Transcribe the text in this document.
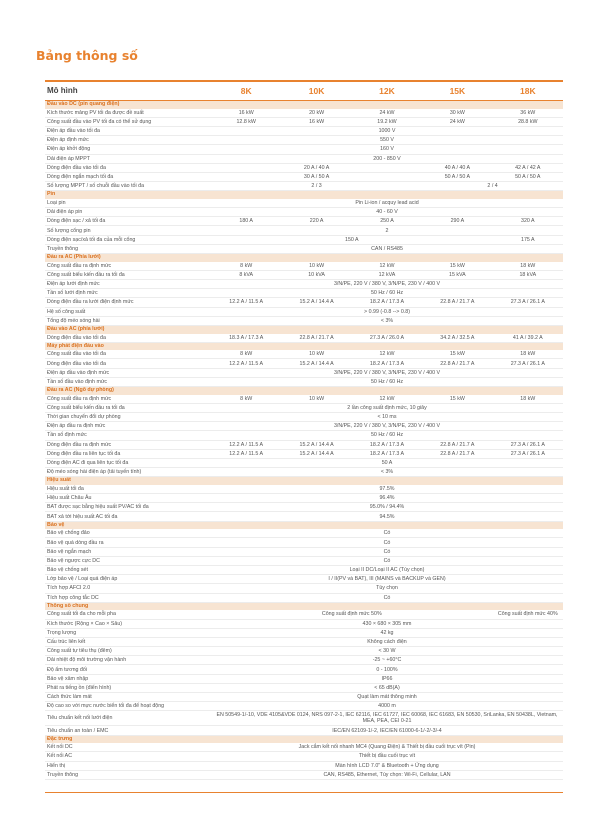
Bảng thông số
Mô hình	8K	10K	12K	15K	18K
Đầu vào DC (pin quang điện)					
Kích thước mảng PV tối đa được đề xuất	16 kW	20 kW	24 kW	30 kW	36 kW
Công suất đầu vào PV tối đa có thể sử dụng	12.8 kW	16 kW	19.2 kW	24 kW	28.8 kW
Điện áp đầu vào tối đa	1000 V				
Điện áp định mức	550 V				
Điện áp khởi động	160 V				
Dải điện áp MPPT	200 - 850 V				
Dòng điện đầu vào tối đa		20 A / 40 A		40 A / 40 A	42 A / 42 A
Dòng điện ngắn mạch tối đa		30 A / 50 A		50 A / 50 A	50 A / 50 A
Số lượng MPPT / số chuỗi đầu vào tối đa		2 / 3		2 / 4	
Pin					
Loại pin	Pin Li-ion / acquy lead acid				
Dải điện áp pin	40 - 60 V				
Dòng điện sạc / xả tối đa	180 A	220 A	250 A	290 A	320 A
Số lượng cổng pin	2				
Dòng điện sạc/xả tối đa của mỗi cổng	150 A				175 A
Truyền thông	CAN / RS485				
Đầu ra AC (Phía lưới)					
Công suất đầu ra định mức	8 kW	10 kW	12 kW	15 kW	18 kW
Công suất biểu kiến đầu ra tối đa	8 kVA	10 kVA	12 kVA	15 kVA	18 kVA
Điện áp lưới định mức	3/N/PE, 220 V / 380 V, 3/N/PE, 230 V / 400 V				
Tần số lưới định mức	50 Hz / 60 Hz				
Dòng điện đầu ra lưới điện định mức	12.2 A / 11.5 A	15.2 A / 14.4 A	18.2 A / 17.3 A	22.8 A / 21.7 A	27.3 A / 26.1 A
Hệ số công suất	> 0.99 (-0.8 --> 0.8)				
Tổng độ méo sóng hài	< 3%				
Đầu vào AC (phía lưới)					
Dòng điện đầu vào tối đa	18.3 A / 17.3 A	22.8 A / 21.7 A	27.3 A / 26.0 A	34.2 A / 32.5 A	41 A / 39.2 A
Máy phát điện đầu vào					
Công suất đầu vào tối đa	8 kW	10 kW	12 kW	15 kW	18 kW
Dòng điện đầu vào tối đa	12.2 A / 11.5 A	15.2 A / 14.4 A	18.2 A / 17.3 A	22.8 A / 21.7 A	27.3 A / 26.1 A
Điện áp đầu vào định mức	3/N/PE, 220 V / 380 V, 3/N/PE, 230 V / 400 V				
Tần số đầu vào định mức	50 Hz / 60 Hz				
Đầu ra AC (Ngõ dự phòng)					
Công suất đầu ra định mức	8 kW	10 kW	12 kW	15 kW	18 kW
Công suất biểu kiến đầu ra tối đa	2 lần công suất định mức, 10 giây				
Thời gian chuyển đổi dự phòng	< 10 ms				
Điện áp đầu ra định mức	3/N/PE, 220 V / 380 V, 3/N/PE, 230 V / 400 V				
Tần số định mức	50 Hz / 60 Hz				
Dòng điện đầu ra định mức	12.2 A / 11.5 A	15.2 A / 14.4 A	18.2 A / 17.3 A	22.8 A / 21.7 A	27.3 A / 26.1 A
Dòng điện đầu ra liên tục tối đa	12.2 A / 11.5 A	15.2 A / 14.4 A	18.2 A / 17.3 A	22.8 A / 21.7 A	27.3 A / 26.1 A
Dòng điện AC đi qua liên tục tối đa	50 A				
Độ méo sóng hài điện áp (tải tuyến tính)	< 3%				
Hiệu suất					
Hiệu suất tối đa	97.5%				
Hiệu suất Châu Âu	96.4%				
BAT được sạc bằng hiệu suất PV/AC tối đa	95.0% / 94.4%				
BAT xả tới hiệu suất AC tối đa	94.5%				
Bảo vệ					
Bảo vệ chống đảo	Có				
Bảo vệ quá dòng đầu ra	Có				
Bảo vệ ngắn mạch	Có				
Bảo vệ ngược cực DC	Có				
Bảo vệ chống sét	Loại II DC/Loại II AC (Tùy chọn)				
Lớp bảo vệ / Loại quá điện áp	I / II(PV và BAT), III (MAINS và BACKUP và GEN)				
Tích hợp AFCI 2.0	Tùy chọn				
Tích hợp công tắc DC	Có				
Thông số chung					
Công suất tối đa cho mỗi pha	Công suất định mức 50%				Công suất định mức 40%
Kích thước (Rộng × Cao × Sâu)	430 × 680 × 305 mm				
Trọng lượng	42 kg				
Cấu trúc liên kết	Không cách điện				
Công suất tự tiêu thụ (đêm)	< 30 W				
Dải nhiệt độ môi trường vận hành	-25 ~ +60°C				
Độ ẩm tương đối	0 - 100%				
Bảo vệ xâm nhập	IP66				
Phát ra tiếng ồn (điển hình)	< 65 dB(A)				
Cách thức làm mát	Quạt làm mát thông minh				
Độ cao so với mực nước biển tối đa để hoạt động	4000 m				
Tiêu chuẩn kết nối lưới điện	EN 50549-1/-10, VDE 4105&VDE 0124, NRS 097-2-1, IEC 62116, IEC 61727, IEC 60068, IEC 61683, EN 50530, SriLanka, EN 50438L, Vietnam, MEA, PEA, CEI 0-21				
Tiêu chuẩn an toàn / EMC	IEC/EN 62109-1/-2, IEC/EN 61000-6-1/-2/-3/-4				
Đặc trưng					
Kết nối DC	Jack cắm kết nối nhanh MC4 (Quang Điện) & Thiết bị đầu cuối trục vít (Pin)				
Kết nối AC	Thiết bị đầu cuối trục vít				
Hiển thị	Màn hình LCD 7.0" & Bluetooth + Ứng dụng				
Truyền thông	CAN, RS485, Ethernet, Tùy chọn: Wi-Fi, Cellular, LAN				
